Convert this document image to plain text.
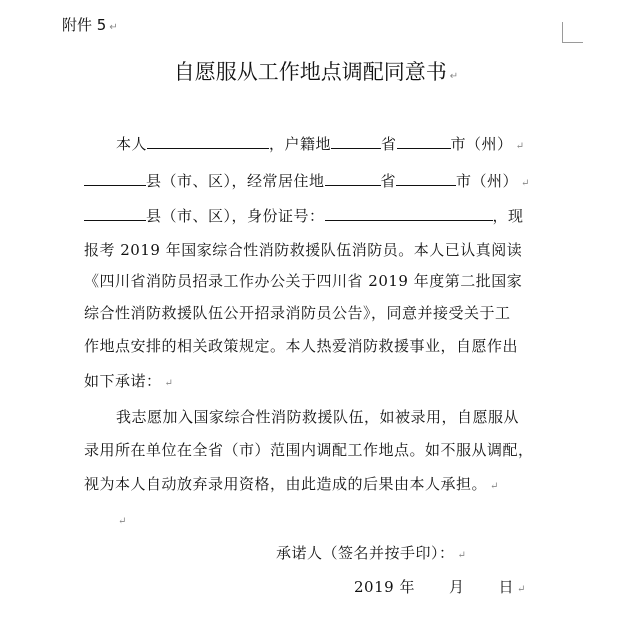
附件 5 ↵
自愿服从工作地点调配同意书 ↵
本人	，户籍地	省	市（州） ↵
县（市、区），经常居住地	省	市（州） ↵
县（市、区），身份证号：	，现
报考 2019 年国家综合性消防救援队伍消防员。本人已认真阅读
《四川省消防员招录工作办公关于四川省 2019 年度第二批国家
综合性消防救援队伍公开招录消防员公告》，同意并接受关于工
作地点安排的相关政策规定。本人热爱消防救援事业，自愿作出
如下承诺： ↵
我志愿加入国家综合性消防救援队伍，如被录用，自愿服从
录用所在单位在全省（市）范围内调配工作地点。如不服从调配，
视为本人自动放弃录用资格，由此造成的后果由本人承担。 ↵
↵
承诺人（签名并按手印）： ↵
2019 年 月 日 ↵
